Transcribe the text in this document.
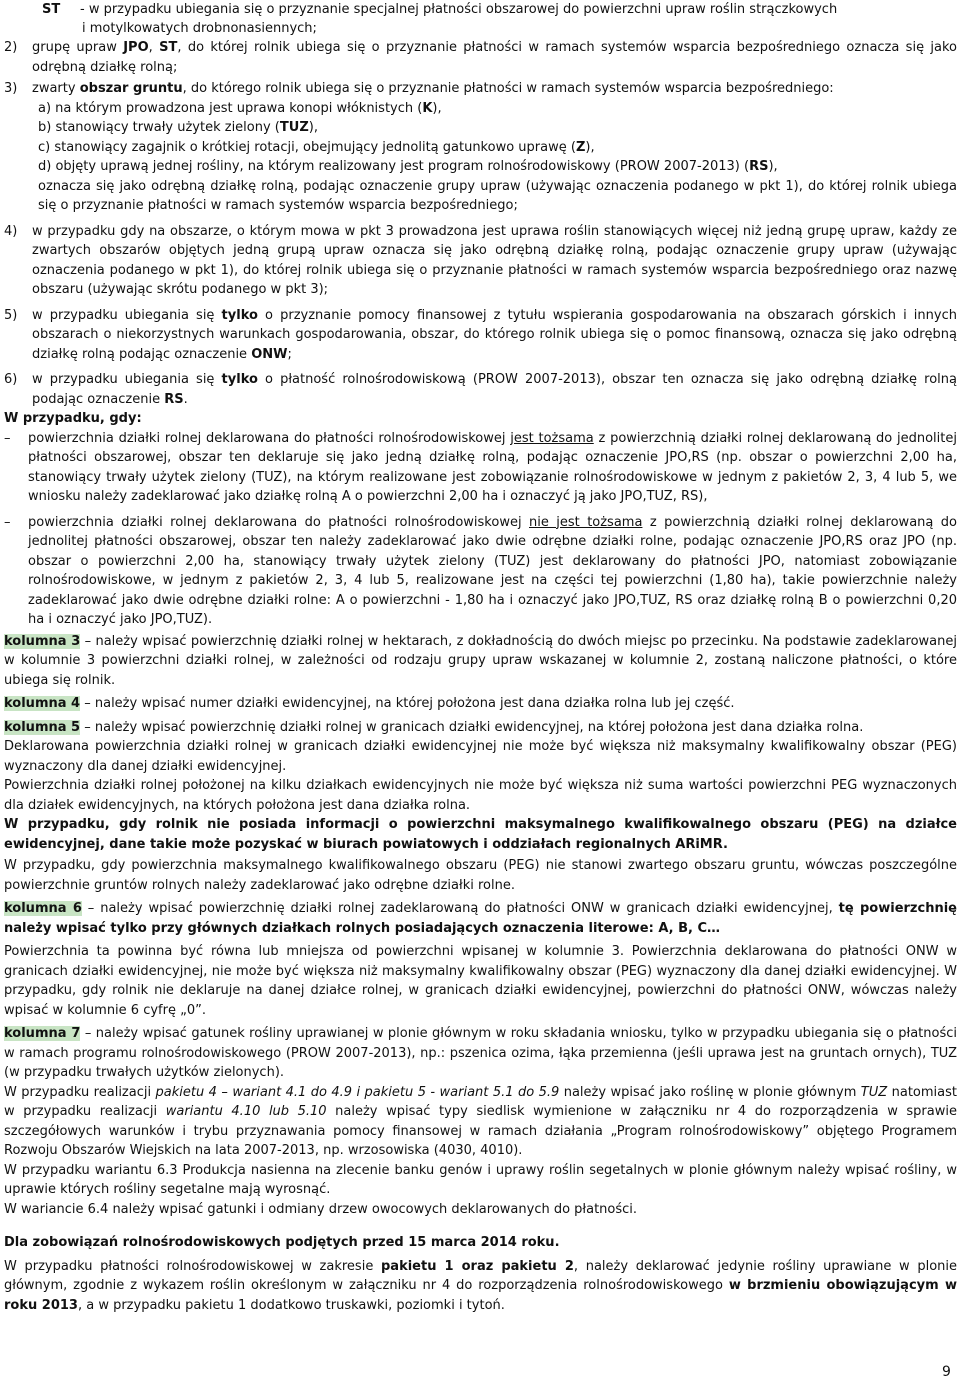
ST	- w przypadku ubiegania się o przyznanie specjalnej płatności obszarowej do powierzchni upraw roślin strączkowych
i motylkowatych drobnonasiennych;
2)	grupę upraw JPO, ST, do której rolnik ubiega się o przyznanie płatności w ramach systemów wsparcia bezpośredniego oznacza się jako odrębną działkę rolną;

3)	zwarty obszar gruntu, do którego rolnik ubiega się o przyznanie płatności w ramach systemów wsparcia bezpośredniego:

a) na którym prowadzona jest uprawa konopi włóknistych (K),
b) stanowiący trwały użytek zielony (TUZ),
c) stanowiący zagajnik o krótkiej rotacji, obejmujący jednolitą gatunkowo uprawę (Z),
d) objęty uprawą jednej rośliny, na którym realizowany jest program rolnośrodowiskowy (PROW 2007-2013) (RS),

oznacza się jako odrębną działkę rolną, podając oznaczenie grupy upraw (używając oznaczenia podanego w pkt 1), do której rolnik ubiega się o przyznanie płatności w ramach systemów wsparcia bezpośredniego;

4)	w przypadku gdy na obszarze, o którym mowa w pkt 3 prowadzona jest uprawa roślin stanowiących więcej niż jedną grupę upraw, każdy ze zwartych obszarów objętych jedną grupą upraw oznacza się jako odrębną działkę rolną, podając oznaczenie grupy upraw (używając oznaczenia podanego w pkt 1), do której rolnik ubiega się o przyznanie płatności w ramach systemów wsparcia bezpośredniego oraz nazwę obszaru (używając skrótu podanego w pkt 3);

5)	w przypadku ubiegania się tylko o przyznanie pomocy finansowej z tytułu wspierania gospodarowania na obszarach górskich i innych obszarach o niekorzystnych warunkach gospodarowania, obszar, do którego rolnik ubiega się o pomoc finansową, oznacza się jako odrębną działkę rolną podając oznaczenie ONW;

6)	w przypadku ubiegania się tylko o płatność rolnośrodowiskową (PROW 2007-2013), obszar ten oznacza się jako odrębną działkę rolną podając oznaczenie RS.

W przypadku, gdy:
–	powierzchnia działki rolnej deklarowana do płatności rolnośrodowiskowej jest tożsama z powierzchnią działki rolnej deklarowaną do jednolitej płatności obszarowej, obszar ten deklaruje się jako jedną działkę rolną, podając oznaczenie JPO,RS (np. obszar o powierzchni 2,00 ha, stanowiący trwały użytek zielony (TUZ), na którym realizowane jest zobowiązanie rolnośrodowiskowe w jednym z pakietów 2, 3, 4 lub 5, we wniosku należy zadeklarować jako działkę rolną A o powierzchni 2,00 ha i oznaczyć ją jako JPO,TUZ, RS),

–	powierzchnia działki rolnej deklarowana do płatności rolnośrodowiskowej nie jest tożsama z powierzchnią działki rolnej deklarowaną do jednolitej płatności obszarowej, obszar ten należy zadeklarować jako dwie odrębne działki rolne, podając oznaczenie JPO,RS oraz JPO (np. obszar o powierzchni 2,00 ha, stanowiący trwały użytek zielony (TUZ) jest deklarowany do płatności JPO, natomiast zobowiązanie rolnośrodowiskowe, w jednym z pakietów 2, 3, 4 lub 5, realizowane jest na części tej powierzchni (1,80 ha), takie powierzchnie należy zadeklarować jako dwie odrębne działki rolne: A o powierzchni - 1,80 ha i oznaczyć jako JPO,TUZ, RS oraz działkę rolną B o powierzchni 0,20 ha i oznaczyć jako JPO,TUZ).

kolumna 3 – należy wpisać powierzchnię działki rolnej w hektarach, z dokładnością do dwóch miejsc po przecinku. Na podstawie zadeklarowanej w kolumnie 3 powierzchni działki rolnej, w zależności od rodzaju grupy upraw wskazanej w kolumnie 2, zostaną naliczone płatności, o które ubiega się rolnik.

kolumna 4 – należy wpisać numer działki ewidencyjnej, na której położona jest dana działka rolna lub jej część.

kolumna 5 – należy wpisać powierzchnię działki rolnej w granicach działki ewidencyjnej, na której położona jest dana działka rolna.

Deklarowana powierzchnia działki rolnej w granicach działki ewidencyjnej nie może być większa niż maksymalny kwalifikowalny obszar (PEG) wyznaczony dla danej działki ewidencyjnej.

Powierzchnia działki rolnej położonej na kilku działkach ewidencyjnych nie może być większa niż suma wartości powierzchni PEG wyznaczonych dla działek ewidencyjnych, na których położona jest dana działka rolna.

W przypadku, gdy rolnik nie posiada informacji o powierzchni maksymalnego kwalifikowalnego obszaru (PEG) na działce ewidencyjnej, dane takie może pozyskać w biurach powiatowych i oddziałach regionalnych ARiMR.

W przypadku, gdy powierzchnia maksymalnego kwalifikowalnego obszaru (PEG) nie stanowi zwartego obszaru gruntu, wówczas poszczególne powierzchnie gruntów rolnych należy zadeklarować jako odrębne działki rolne.

kolumna 6 – należy wpisać powierzchnię działki rolnej zadeklarowaną do płatności ONW w granicach działki ewidencyjnej, tę powierzchnię należy wpisać tylko przy głównych działkach rolnych posiadających oznaczenia literowe: A, B, C…

Powierzchnia ta powinna być równa lub mniejsza od powierzchni wpisanej w kolumnie 3. Powierzchnia deklarowana do płatności ONW w granicach działki ewidencyjnej, nie może być większa niż maksymalny kwalifikowalny obszar (PEG) wyznaczony dla danej działki ewidencyjnej. W przypadku, gdy rolnik nie deklaruje na danej działce rolnej, w granicach działki ewidencyjnej, powierzchni do płatności ONW, wówczas należy wpisać w kolumnie 6 cyfrę „0”.

kolumna 7 – należy wpisać gatunek rośliny uprawianej w plonie głównym w roku składania wniosku, tylko w przypadku ubiegania się o płatności w ramach programu rolnośrodowiskowego (PROW 2007-2013), np.: pszenica ozima, łąka przemienna (jeśli uprawa jest na gruntach ornych), TUZ (w przypadku trwałych użytków zielonych).

W przypadku realizacji pakietu 4 – wariant 4.1 do 4.9 i pakietu 5 - wariant 5.1 do 5.9 należy wpisać jako roślinę w plonie głównym TUZ natomiast w przypadku realizacji wariantu 4.10 lub 5.10 należy wpisać typy siedlisk wymienione w załączniku nr 4 do rozporządzenia w sprawie szczegółowych warunków i trybu przyznawania pomocy finansowej w ramach działania „Program rolnośrodowiskowy” objętego Programem Rozwoju Obszarów Wiejskich na lata 2007-2013, np. wrzosowiska (4030, 4010).

W przypadku wariantu 6.3 Produkcja nasienna na zlecenie banku genów i uprawy roślin segetalnych w plonie głównym należy wpisać rośliny, w uprawie których rośliny segetalne mają wyrosnąć.

W wariancie 6.4 należy wpisać gatunki i odmiany drzew owocowych deklarowanych do płatności.

Dla zobowiązań rolnośrodowiskowych podjętych przed 15 marca 2014 roku.

W przypadku płatności rolnośrodowiskowej w zakresie pakietu 1 oraz pakietu 2, należy deklarować jedynie rośliny uprawiane w plonie głównym, zgodnie z wykazem roślin określonym w załączniku nr 4 do rozporządzenia rolnośrodowiskowego w brzmieniu obowiązującym w roku 2013, a w przypadku pakietu 1 dodatkowo truskawki, poziomki i tytoń.

9
